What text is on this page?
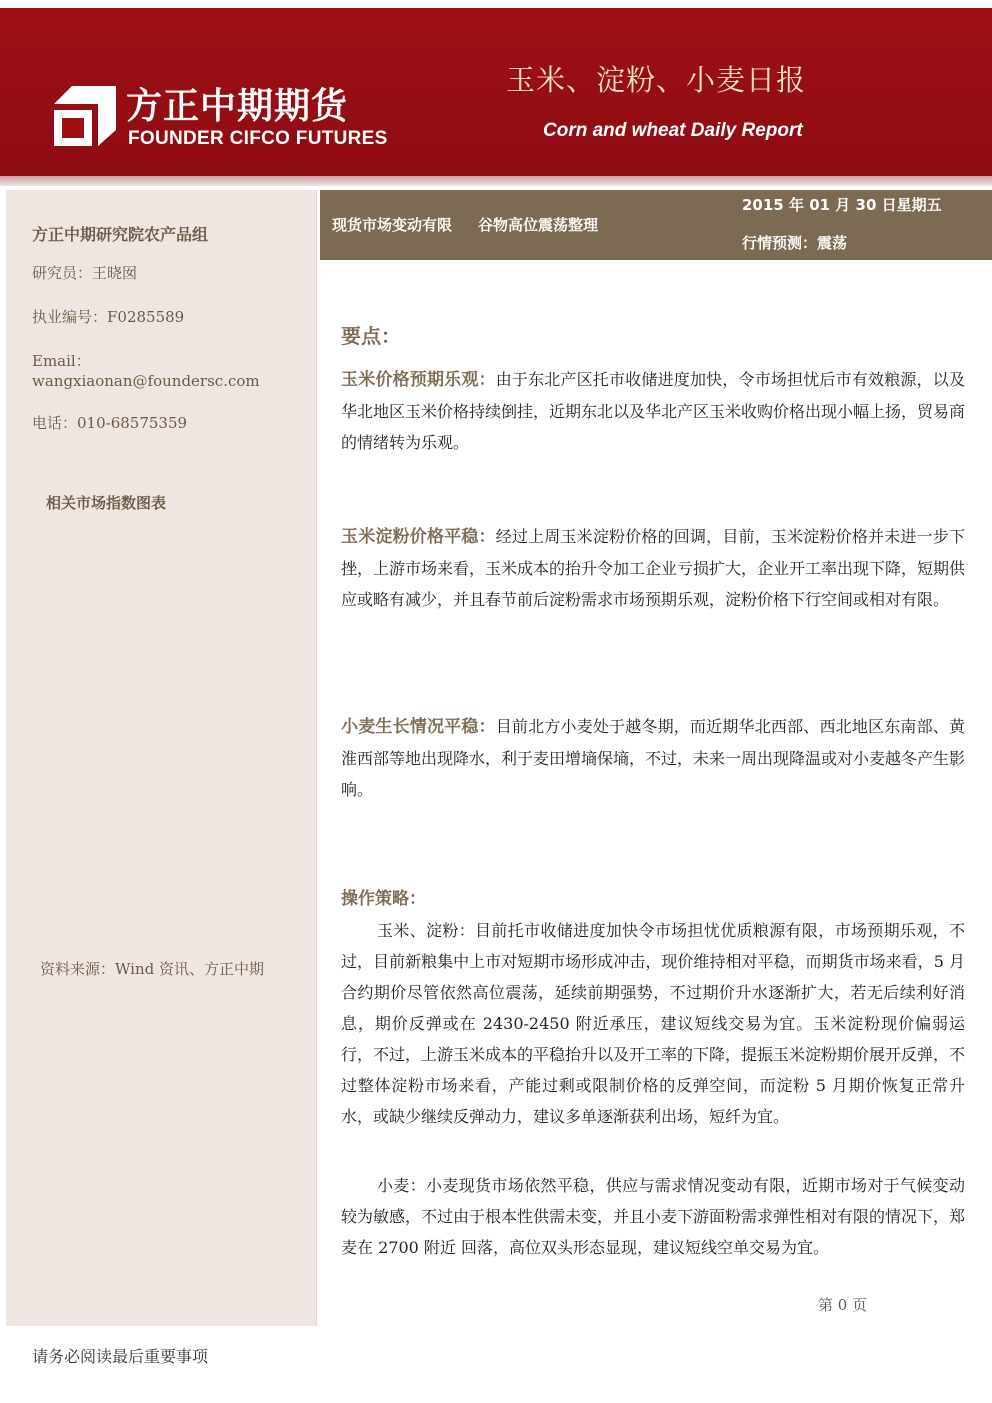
方正中期期货
FOUNDER CIFCO FUTURES
玉米、淀粉、小麦日报
Corn and wheat Daily Report
方正中期研究院农产品组
研究员：王晓囡
执业编号：F0285589
Email：
wangxiaonan@foundersc.com
电话：010-68575359
相关市场指数图表
资料来源：Wind 资讯、方正中期
现货市场变动有限 谷物高位震荡整理
2015 年 01 月 30 日星期五
行情预测：震荡
要点：
玉米价格预期乐观：由于东北产区托市收储进度加快，令市场担忧后市有效粮源，以及华北地区玉米价格持续倒挂，近期东北以及华北产区玉米收购价格出现小幅上扬，贸易商的情绪转为乐观。
玉米淀粉价格平稳：经过上周玉米淀粉价格的回调，目前，玉米淀粉价格并未进一步下挫，上游市场来看，玉米成本的抬升令加工企业亏损扩大，企业开工率出现下降，短期供应或略有减少，并且春节前后淀粉需求市场预期乐观，淀粉价格下行空间或相对有限。
小麦生长情况平稳：目前北方小麦处于越冬期，而近期华北西部、西北地区东南部、黄淮西部等地出现降水，利于麦田增墒保墒，不过，未来一周出现降温或对小麦越冬产生影响。
操作策略：
玉米、淀粉：目前托市收储进度加快令市场担忧优质粮源有限，市场预期乐观，不过，目前新粮集中上市对短期市场形成冲击，现价维持相对平稳，而期货市场来看，5 月合约期价尽管依然高位震荡，延续前期强势，不过期价升水逐渐扩大，若无后续利好消息，期价反弹或在 2430-2450 附近承压，建议短线交易为宜。玉米淀粉现价偏弱运行，不过，上游玉米成本的平稳抬升以及开工率的下降，提振玉米淀粉期价展开反弹，不过整体淀粉市场来看，产能过剩或限制价格的反弹空间，而淀粉 5 月期价恢复正常升水，或缺少继续反弹动力，建议多单逐渐获利出场，短纤为宜。
小麦：小麦现货市场依然平稳，供应与需求情况变动有限，近期市场对于气候变动较为敏感，不过由于根本性供需未变，并且小麦下游面粉需求弹性相对有限的情况下，郑麦在 2700 附近 回落，高位双头形态显现，建议短线空单交易为宜。
第 0 页
请务必阅读最后重要事项
